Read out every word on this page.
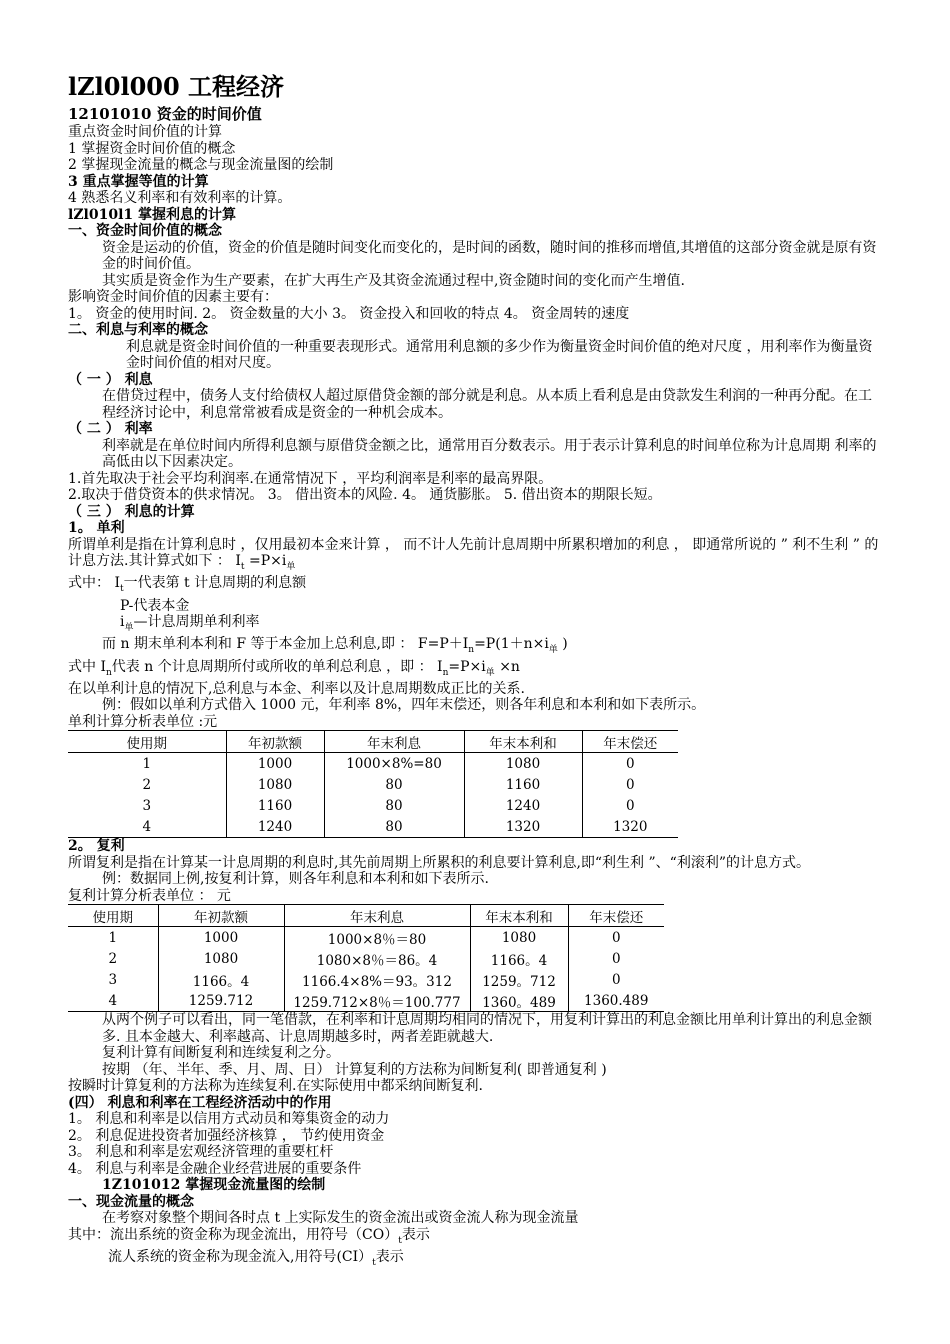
lZl0l000 工程经济
12101010 资金的时间价值
重点资金时间价值的计算
1 掌握资金时间价值的概念
2 掌握现金流量的概念与现金流量图的绘制
3 重点掌握等值的计算
4 熟悉名义利率和有效利率的计算。
lZl010l1 掌握利息的计算
一、资金时间价值的概念
资金是运动的价值，资金的价值是随时间变化而变化的，是时间的函数，随时间的推移而增值,其增值的这部分资金就是原有资金的时间价值。
其实质是资金作为生产要素，在扩大再生产及其资金流通过程中,资金随时间的变化而产生增值.
影响资金时间价值的因素主要有：
1。 资金的使用时间. 2。 资金数量的大小 3。 资金投入和回收的特点 4。 资金周转的速度
二、利息与利率的概念
利息就是资金时间价值的一种重要表现形式。通常用利息额的多少作为衡量资金时间价值的绝对尺度 ，用利率作为衡量资金时间价值的相对尺度。
（ 一 ） 利息
在借贷过程中，债务人支付给债权人超过原借贷金额的部分就是利息。从本质上看利息是由贷款发生利润的一种再分配。在工程经济讨论中，利息常常被看成是资金的一种机会成本。
（ 二 ） 利率
利率就是在单位时间内所得利息额与原借贷金额之比，通常用百分数表示。用于表示计算利息的时间单位称为计息周期 利率的高低由以下因素决定。
1.首先取决于社会平均利润率.在通常情况下 ，平均利润率是利率的最高界限。
2.取决于借贷资本的供求情况。 3。 借出资本的风险. 4。 通货膨胀。 5. 借出资本的期限长短。
（ 三 ） 利息的计算
1。 单利
所谓单利是指在计算利息时 ，仅用最初本金来计算 ， 而不计人先前计息周期中所累积增加的利息 ， 即通常所说的 ” 利不生利 ” 的计息方法.其计算式如下 ： $I_t =P\times i_单$
式中： $I_t$一代表第 t 计息周期的利息额
P-代表本金
$i_单—$计息周期单利利率
而 n 期末单利本利和 F 等于本金加上总利息,即 ： $F=P+I_n=P(1+n\times i_单$ )
式中 $I_n$代表 n 个计息周期所付或所收的单利总利息 ，即 ： $I_n=P\times i_单 \times n$
在以单利计息的情况下,总利息与本金、利率以及计息周期数成正比的关系.
例：假如以单利方式借入 1000 元，年利率 8%，四年末偿还，则各年利息和本利和如下表所示。
单利计算分析表单位 :元
使用期	年初款额	年末利息	年末本利和	年末偿还
1	1000	1000×8%=80	1080	0
2	1080	80	1160	0
3	1160	80	1240	0
4	1240	80	1320	1320
2。 复利
所谓复利是指在计算某一计息周期的利息时,其先前周期上所累积的利息要计算利息,即“利生利 ”、“利滚利”的计息方式。
例：数据同上例,按复利计算，则各年利息和本利和如下表所示.
复利计算分析表单位 ： 元
使用期	年初款额	年末利息	年末本利和	年末偿还
1	1000	1000×8％＝80	1080	0
2	1080	1080×8％＝86。4	1166。4	0
3	1166。4	1166.4×8%＝93。312	1259。712	0
4	1259.712	1259.712×8％＝100.777	1360。489	1360.489
从两个例子可以看出，同一笔借款，在利率和计息周期均相同的情况下，用复利计算出的利息金额比用单利计算出的利息金额多. 且本金越大、利率越高、计息周期越多时，两者差距就越大.
复利计算有间断复利和连续复利之分。
按期 （年、半年、季、月、周、日） 计算复利的方法称为间断复利( 即普通复利 )
按瞬时计算复利的方法称为连续复利.在实际使用中都采纳间断复利.
(四） 利息和利率在工程经济活动中的作用
1。 利息和利率是以信用方式动员和筹集资金的动力
2。 利息促进投资者加强经济核算 ， 节约使用资金
3。 利息和利率是宏观经济管理的重要杠杆
4。 利息与利率是金融企业经营进展的重要条件
1Z101012 掌握现金流量图的绘制
一、现金流量的概念
在考察对象整个期间各时点 t 上实际发生的资金流出或资金流人称为现金流量
其中：流出系统的资金称为现金流出，用符号$(CO)_t$表示
流人系统的资金称为现金流入,用符号$(CI)_t$表示
